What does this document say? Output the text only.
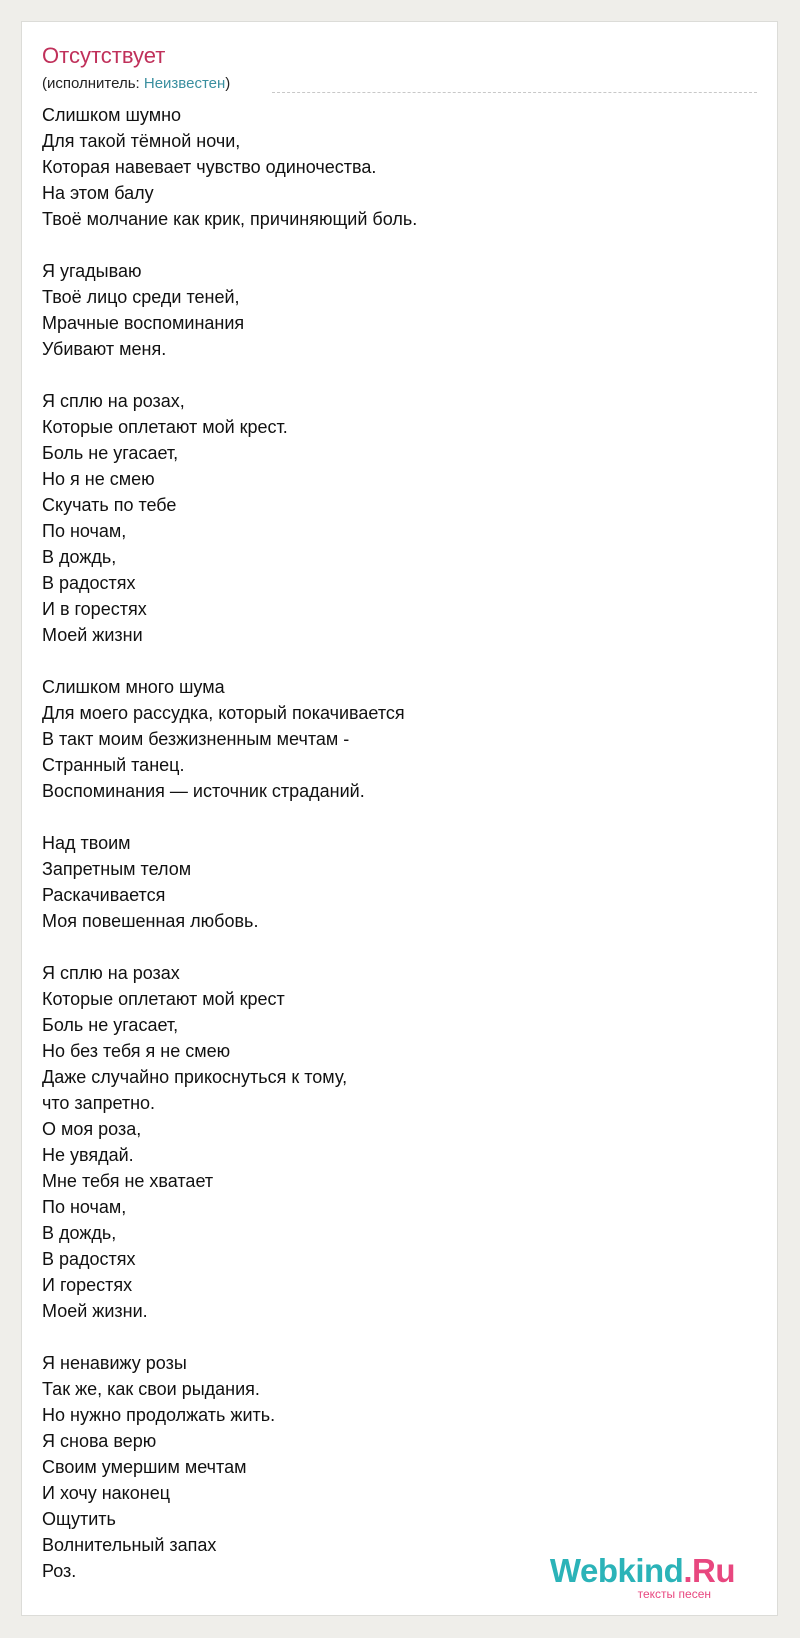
Отсутствует
(исполнитель: Неизвестен)
Слишком шумно
Для такой тёмной ночи,
Которая навевает чувство одиночества.
На этом балу
Твоё молчание как крик, причиняющий боль.
Я угадываю
Твоё лицо среди теней,
Мрачные воспоминания
Убивают меня.
Я сплю на розах,
Которые оплетают мой крест.
Боль не угасает,
Но я не смею
Скучать по тебе
По ночам,
В дождь,
В радостях
И в горестях
Моей жизни
Слишком много шума
Для моего рассудка, который покачивается
В такт моим безжизненным мечтам -
Странный танец.
Воспоминания — источник страданий.
Над твоим
Запретным телом
Раскачивается
Моя повешенная любовь.
Я сплю на розах
Которые оплетают мой крест
Боль не угасает,
Но без тебя я не смею
Даже случайно прикоснуться к тому,
что запретно.
О моя роза,
Не увядай.
Мне тебя не хватает
По ночам,
В дождь,
В радостях
И горестях
Моей жизни.
Я ненавижу розы
Так же, как свои рыдания.
Но нужно продолжать жить.
Я снова верю
Своим умершим мечтам
И хочу наконец
Ощутить
Волнительный запах
Роз.	Webkind.Ru
тексты песен
